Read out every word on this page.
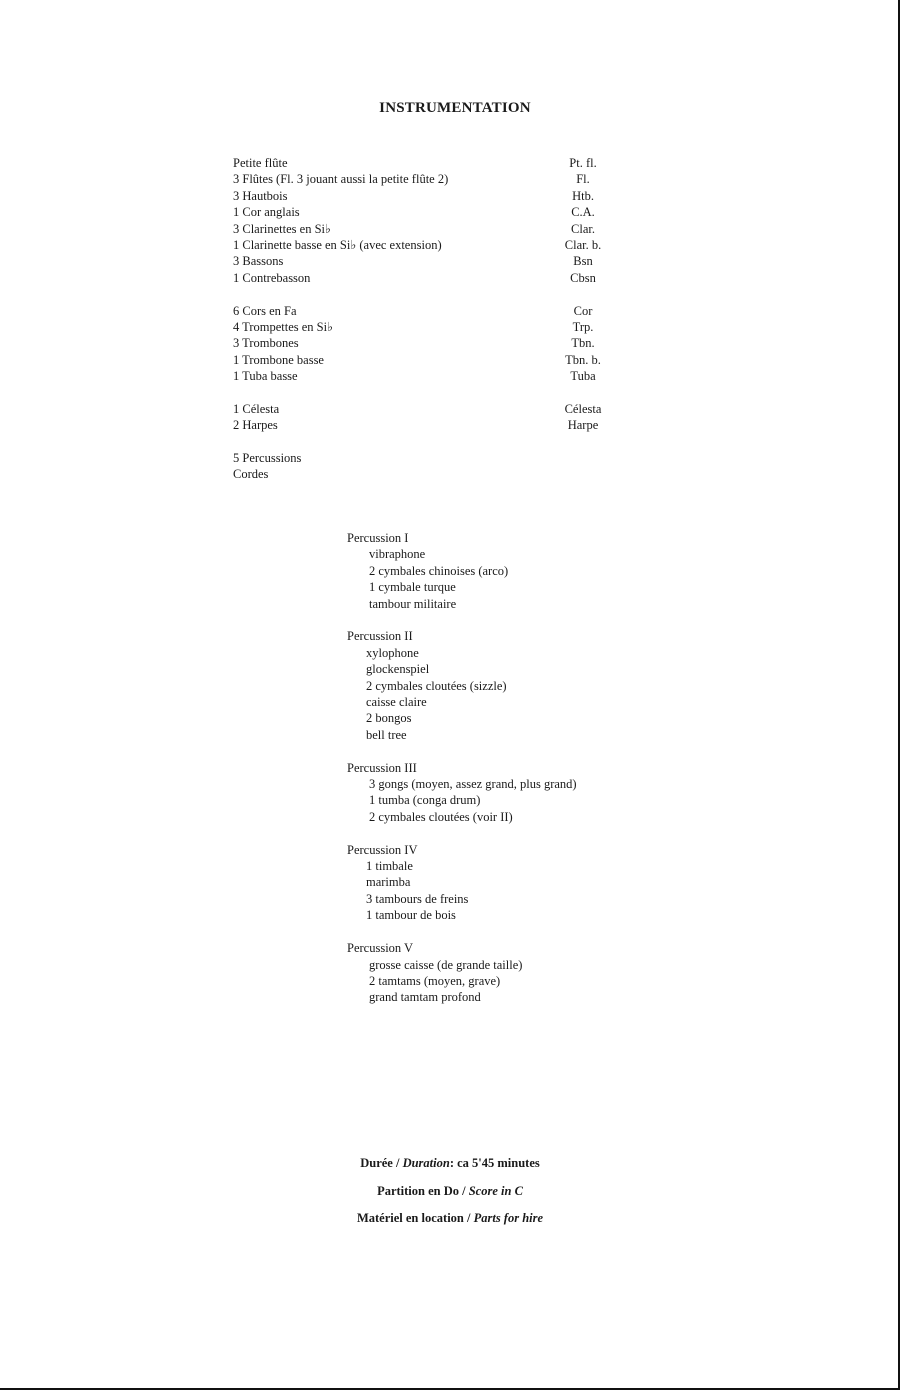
INSTRUMENTATION
Petite flûte	Pt. fl.
3 Flûtes (Fl. 3 jouant aussi la petite flûte 2)	Fl.
3 Hautbois	Htb.
1 Cor anglais	C.A.
3 Clarinettes en Si♭	Clar.
1 Clarinette basse en Si♭ (avec extension)	Clar. b.
3 Bassons	Bsn
1 Contrebasson	Cbsn
6 Cors en Fa	Cor
4 Trompettes en Si♭	Trp.
3 Trombones	Tbn.
1 Trombone basse	Tbn. b.
1 Tuba basse	Tuba
1 Célesta	Célesta
2 Harpes	Harpe
5 Percussions
Cordes
Percussion I
vibraphone
2 cymbales chinoises (arco)
1 cymbale turque
tambour militaire
Percussion II
xylophone
glockenspiel
2 cymbales cloutées (sizzle)
caisse claire
2 bongos
bell tree
Percussion III
3 gongs (moyen, assez grand, plus grand)
1 tumba (conga drum)
2 cymbales cloutées (voir II)
Percussion IV
1 timbale
marimba
3 tambours de freins
1 tambour de bois
Percussion V
grosse caisse (de grande taille)
2 tamtams (moyen, grave)
grand tamtam profond
Durée / Duration: ca 5'45 minutes
Partition en Do / Score in C
Matériel en location / Parts for hire
